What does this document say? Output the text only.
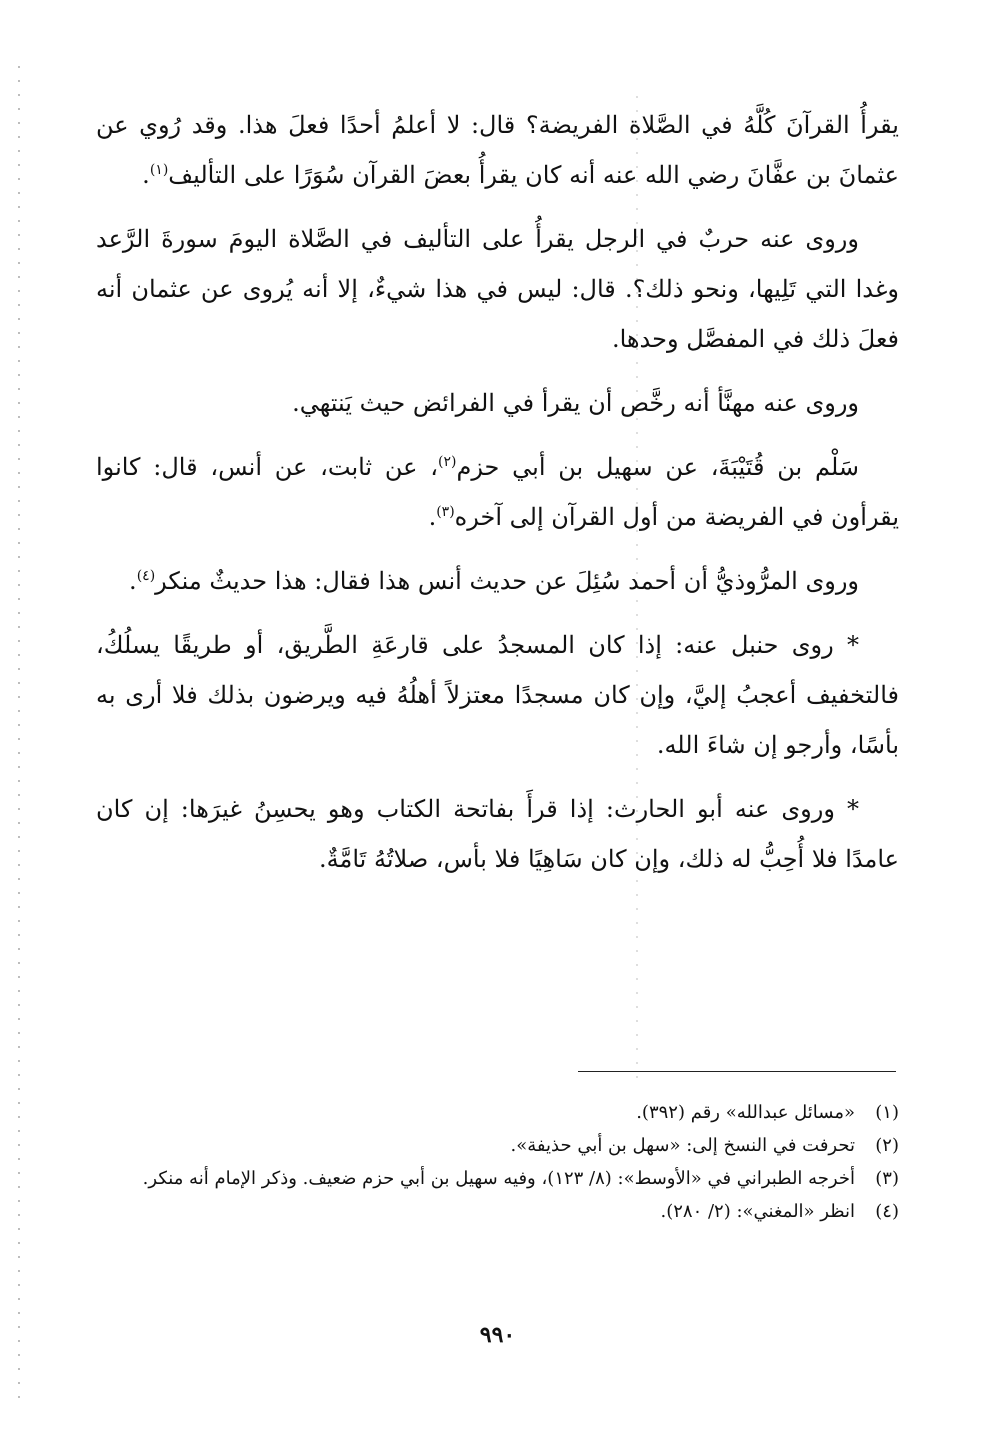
يقرأُ القرآنَ كُلَّهُ في الصَّلاة الفريضة؟ قال: لا أعلمُ أحدًا فعلَ هذا. وقد رُوي عن عثمانَ بن عفَّانَ رضي الله عنه أنه كان يقرأُ بعضَ القرآن سُوَرًا على التأليف$^{(١)}$.

وروى عنه حربٌ في الرجل يقرأُ على التأليف في الصَّلاة اليومَ سورةَ الرَّعد وغدا التي تَلِيها، ونحو ذلك؟. قال: ليس في هذا شيءٌ، إلا أنه يُروى عن عثمان أنه فعلَ ذلك في المفصَّل وحدها.

وروى عنه مهنَّأ أنه رخَّص أن يقرأ في الفرائض حيث يَنتهي.

سَلْم بن قُتَيْبَةَ، عن سهيل بن أبي حزم$^{(٢)}$، عن ثابت، عن أنس، قال: كانوا يقرأون في الفريضة من أول القرآن إلى آخره$^{(٣)}$.

وروى المرُّوذيُّ أن أحمد سُئِلَ عن حديث أنس هذا فقال: هذا حديثٌ منكر$^{(٤)}$.

* روى حنبل عنه: إذا كان المسجدُ على قارعَةِ الطَّريق، أو طريقًا يسلُكُ، فالتخفيف أعجبُ إليَّ، وإن كان مسجدًا معتزلاً أهلُهُ فيه ويرضون بذلك فلا أرى به بأسًا، وأرجو إن شاءَ الله.

* وروى عنه أبو الحارث: إذا قرأَ بفاتحة الكتاب وهو يحسِنُ غيرَها: إن كان عامدًا فلا أُحِبُّ له ذلك، وإن كان سَاهِيًا فلا بأس، صلاتُهُ تَامَّةٌ.

(١)
«مسائل عبدالله» رقم (٣٩٢).
(٢)
تحرفت في النسخ إلى: «سهل بن أبي حذيفة».
(٣)
أخرجه الطبراني في «الأوسط»: (٨/ ١٢٣)، وفيه سهيل بن أبي حزم ضعيف. وذكر الإمام أنه منكر.
(٤)
انظر «المغني»: (٢/ ٢٨٠).
٩٩٠
